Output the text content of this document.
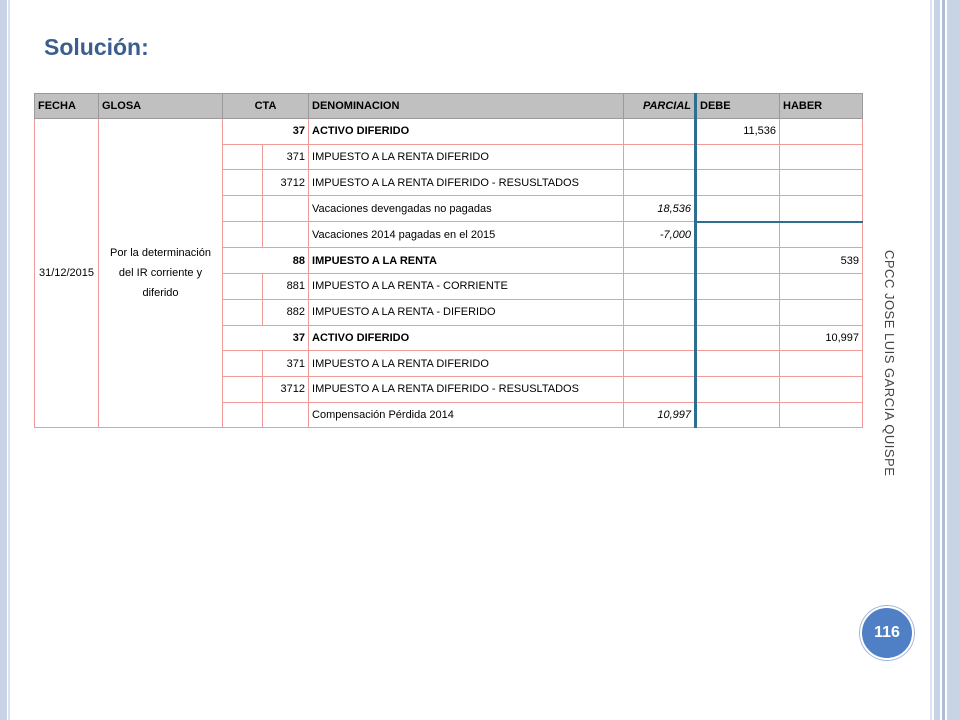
Solución:
FECHA	GLOSA	CTA		DENOMINACION	PARCIAL	DEBE	HABER
31/12/2015	Por la determinación del IR corriente y diferido	37		ACTIVO DIFERIDO		11,536	
			371	IMPUESTO A LA RENTA DIFERIDO			
			3712	IMPUESTO A LA RENTA DIFERIDO - RESUSLTADOS			
				Vacaciones devengadas no pagadas	18,536		
				Vacaciones 2014 pagadas en el 2015	-7,000		
		88		IMPUESTO A LA RENTA			539
			881	IMPUESTO A LA RENTA - CORRIENTE			
			882	IMPUESTO A LA RENTA - DIFERIDO			
		37		ACTIVO DIFERIDO			10,997
			371	IMPUESTO A LA RENTA DIFERIDO			
			3712	IMPUESTO A LA RENTA DIFERIDO - RESUSLTADOS			
				Compensación Pérdida 2014	10,997			CPCC JOSE LUIS GARCIA QUISPE
116
